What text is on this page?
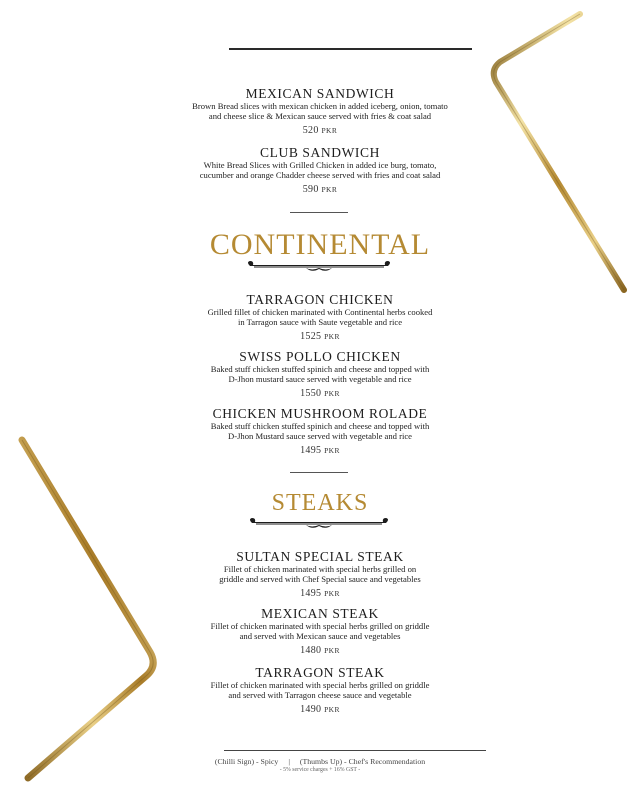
MEXICAN SANDWICH
Brown Bread slices with mexican chicken in added iceberg, onion, tomato
and cheese slice & Mexican sauce served with fries & coat salad
520 PKR
CLUB SANDWICH
White Bread Slices with Grilled Chicken in added ice burg, tomato,
cucumber and orange Chadder cheese served with fries and coat salad
590 PKR
CONTINENTAL
TARRAGON CHICKEN
Grilled fillet of chicken marinated with Continental herbs cooked
in Tarragon sauce with Saute vegetable and rice
1525 PKR
SWISS POLLO CHICKEN
Baked stuff chicken stuffed spinich and cheese and topped with
D-Jhon mustard sauce served with vegetable and rice
1550 PKR
CHICKEN MUSHROOM ROLADE
Baked stuff chicken stuffed spinich and cheese and topped with
D-Jhon Mustard sauce served with vegetable and rice
1495 PKR
STEAKS
SULTAN SPECIAL STEAK
Fillet of chicken marinated with special herbs grilled on
griddle and served with Chef Special sauce and vegetables
1495 PKR
MEXICAN STEAK
Fillet of chicken marinated with special herbs grilled on griddle
and served with Mexican sauce and vegetables
1480 PKR
TARRAGON STEAK
Fillet of chicken marinated with special herbs grilled on griddle
and served with Tarragon cheese sauce and vegetable
1490 PKR
(Chilli Sign) - Spicy | (Thumbs Up) - Chef's Recommendation
- 5% service charges + 16% GST -
